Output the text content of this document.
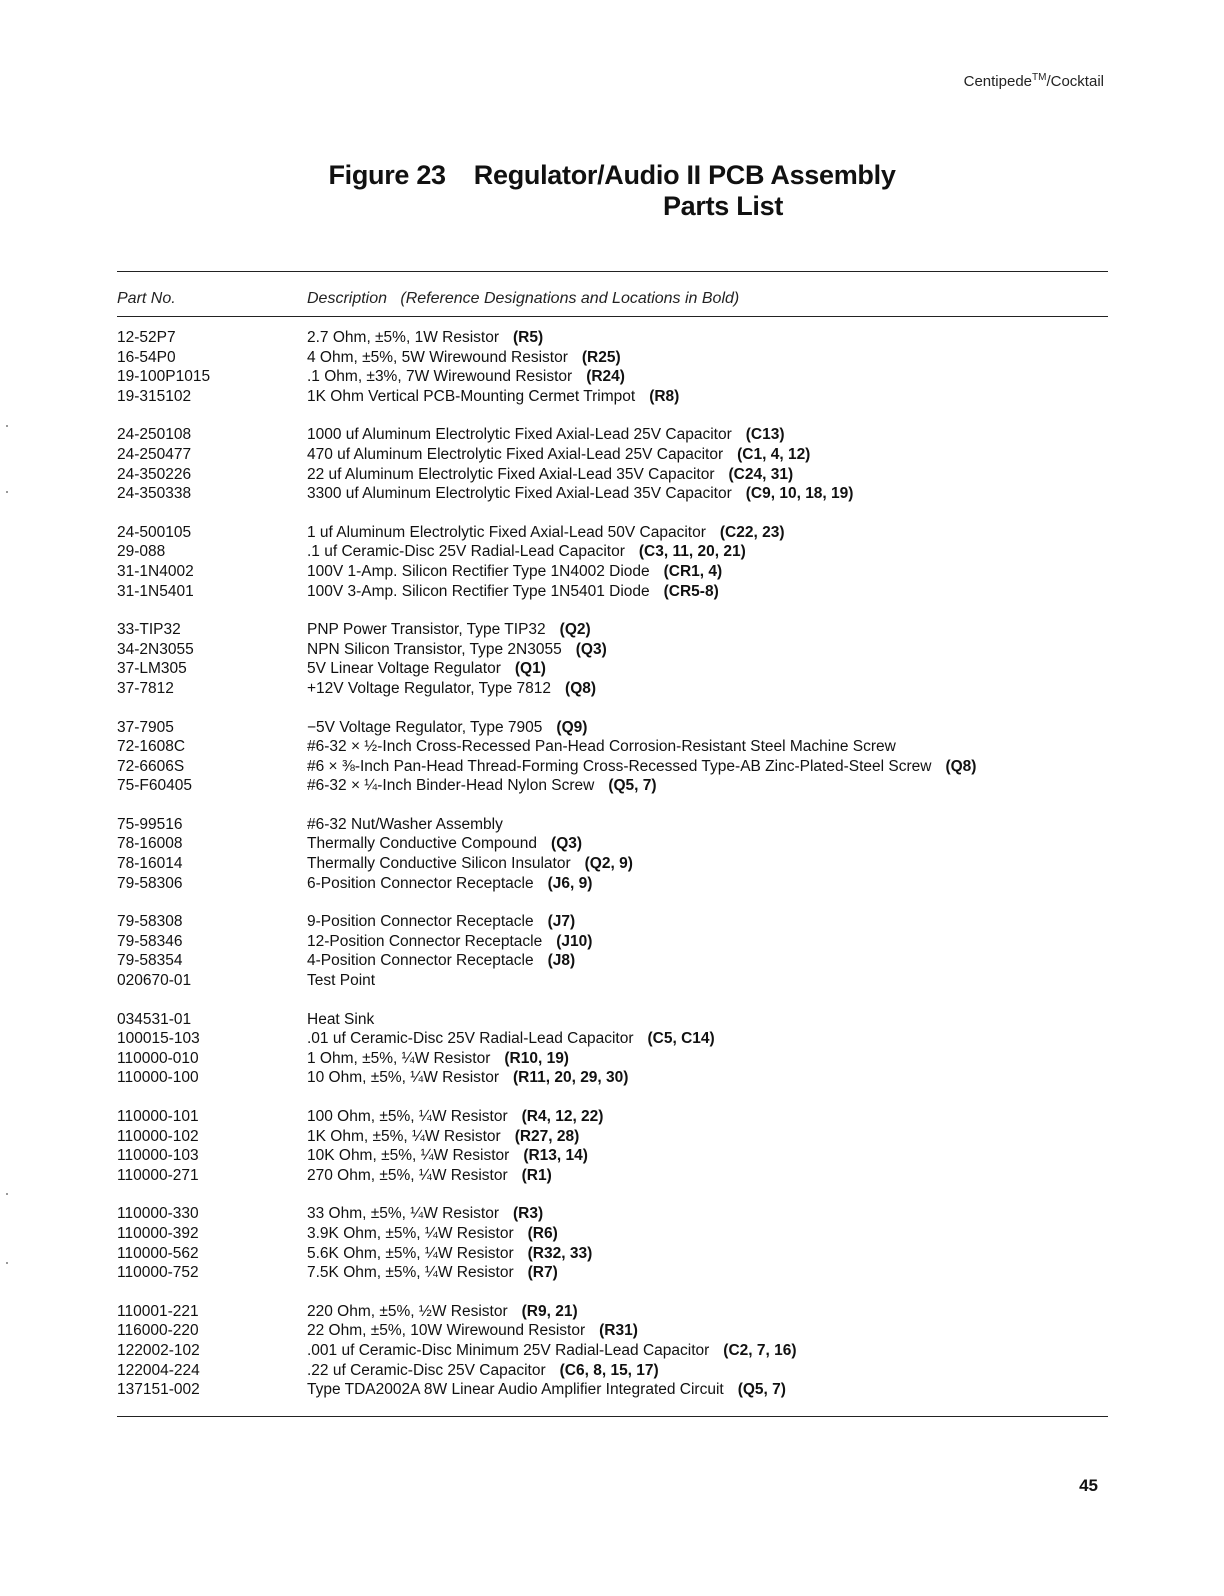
Centipede™/Cocktail
Figure 23 Regulator/Audio II PCB Assembly
Parts List
Part No.	Description   (Reference Designations and Locations in Bold)
12-52P7	2.7 Ohm, ±5%, 1W Resistor (R5)
16-54P0	4 Ohm, ±5%, 5W Wirewound Resistor (R25)
19-100P1015	.1 Ohm, ±3%, 7W Wirewound Resistor (R24)
19-315102	1K Ohm Vertical PCB-Mounting Cermet Trimpot (R8)
24-250108	1000 uf Aluminum Electrolytic Fixed Axial-Lead 25V Capacitor (C13)
24-250477	470 uf Aluminum Electrolytic Fixed Axial-Lead 25V Capacitor (C1, 4, 12)
24-350226	22 uf Aluminum Electrolytic Fixed Axial-Lead 35V Capacitor (C24, 31)
24-350338	3300 uf Aluminum Electrolytic Fixed Axial-Lead 35V Capacitor (C9, 10, 18, 19)
24-500105	1 uf Aluminum Electrolytic Fixed Axial-Lead 50V Capacitor (C22, 23)
29-088	.1 uf Ceramic-Disc 25V Radial-Lead Capacitor (C3, 11, 20, 21)
31-1N4002	100V 1-Amp. Silicon Rectifier Type 1N4002 Diode (CR1, 4)
31-1N5401	100V 3-Amp. Silicon Rectifier Type 1N5401 Diode (CR5-8)
33-TIP32	PNP Power Transistor, Type TIP32 (Q2)
34-2N3055	NPN Silicon Transistor, Type 2N3055 (Q3)
37-LM305	5V Linear Voltage Regulator (Q1)
37-7812	+12V Voltage Regulator, Type 7812 (Q8)
37-7905	−5V Voltage Regulator, Type 7905 (Q9)
72-1608C	#6-32 × ½-Inch Cross-Recessed Pan-Head Corrosion-Resistant Steel Machine Screw
72-6606S	#6 × ⅜-Inch Pan-Head Thread-Forming Cross-Recessed Type-AB Zinc-Plated-Steel Screw (Q8)
75-F60405	#6-32 × ¼-Inch Binder-Head Nylon Screw (Q5, 7)
75-99516	#6-32 Nut/Washer Assembly
78-16008	Thermally Conductive Compound (Q3)
78-16014	Thermally Conductive Silicon Insulator (Q2, 9)
79-58306	6-Position Connector Receptacle (J6, 9)
79-58308	9-Position Connector Receptacle (J7)
79-58346	12-Position Connector Receptacle (J10)
79-58354	4-Position Connector Receptacle (J8)
020670-01	Test Point
034531-01	Heat Sink
100015-103	.01 uf Ceramic-Disc 25V Radial-Lead Capacitor (C5, C14)
110000-010	1 Ohm, ±5%, ¼W Resistor (R10, 19)
110000-100	10 Ohm, ±5%, ¼W Resistor (R11, 20, 29, 30)
110000-101	100 Ohm, ±5%, ¼W Resistor (R4, 12, 22)
110000-102	1K Ohm, ±5%, ¼W Resistor (R27, 28)
110000-103	10K Ohm, ±5%, ¼W Resistor (R13, 14)
110000-271	270 Ohm, ±5%, ¼W Resistor (R1)
110000-330	33 Ohm, ±5%, ¼W Resistor (R3)
110000-392	3.9K Ohm, ±5%, ¼W Resistor (R6)
110000-562	5.6K Ohm, ±5%, ¼W Resistor (R32, 33)
110000-752	7.5K Ohm, ±5%, ¼W Resistor (R7)
110001-221	220 Ohm, ±5%, ½W Resistor (R9, 21)
116000-220	22 Ohm, ±5%, 10W Wirewound Resistor (R31)
122002-102	.001 uf Ceramic-Disc Minimum 25V Radial-Lead Capacitor (C2, 7, 16)
122004-224	.22 uf Ceramic-Disc 25V Capacitor (C6, 8, 15, 17)
137151-002	Type TDA2002A 8W Linear Audio Amplifier Integrated Circuit (Q5, 7)
45
